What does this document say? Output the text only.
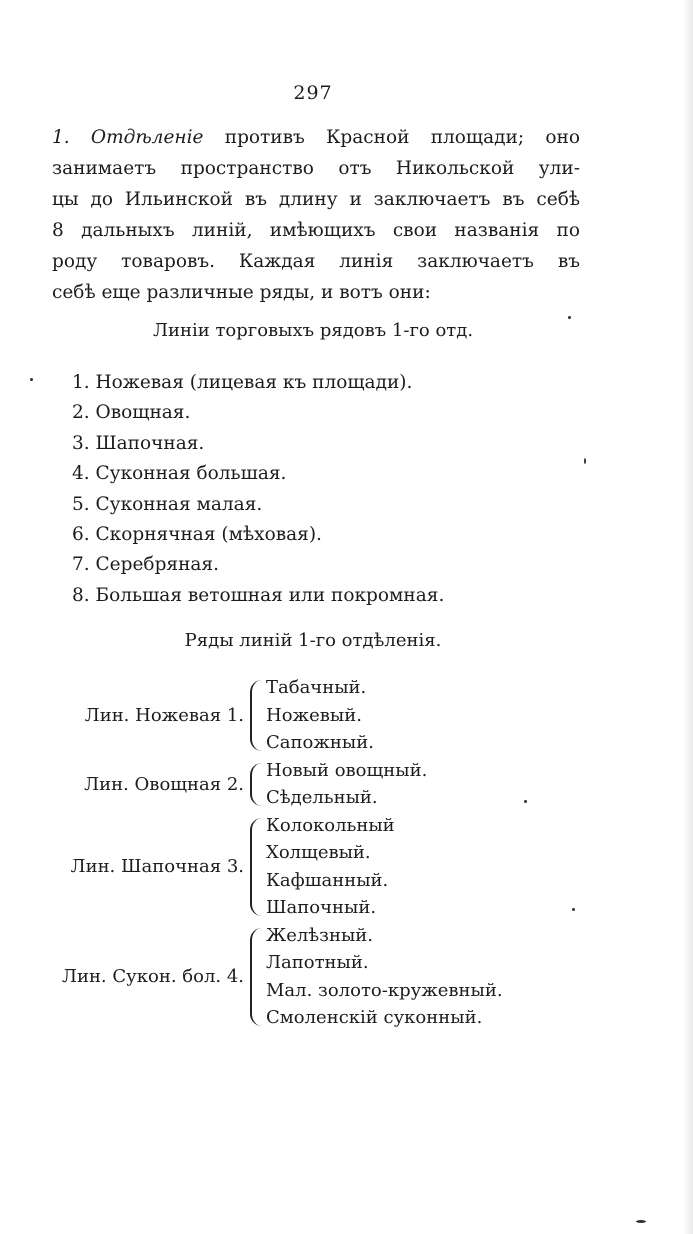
297

1. Отдѣленіе противъ Красной площади; оно
занимаетъ пространство отъ Никольской ули-
цы до Ильинской въ длину и заключаетъ въ себѣ
8 дальныхъ линій, имѣющихъ свои названія по
роду товаровъ. Каждая линія заключаетъ въ
себѣ еще различные ряды, и вотъ они:

Линіи торговыхъ рядовъ 1-го отд.
1. Ножевая (лицевая къ площади).
2. Овощная.
3. Шапочная.
4. Суконная большая.
5. Суконная малая.
6. Скорнячная (мѣховая).
7. Серебряная.
8. Большая ветошная или покромная.
Ряды линій 1-го отдѣленія.
Лин. Ножевая 1.
Табачный.
Ножевый.
Сапожный.
Лин. Овощная 2.
Новый овощный.
Сѣдельный.
Лин. Шапочная 3.
Колокольный
Холщевый.
Кафшанный.
Шапочный.
Лин. Сукон. бол. 4.
Желѣзный.
Лапотный.
Мал. золото-кружевный.
Смоленскій суконный.
